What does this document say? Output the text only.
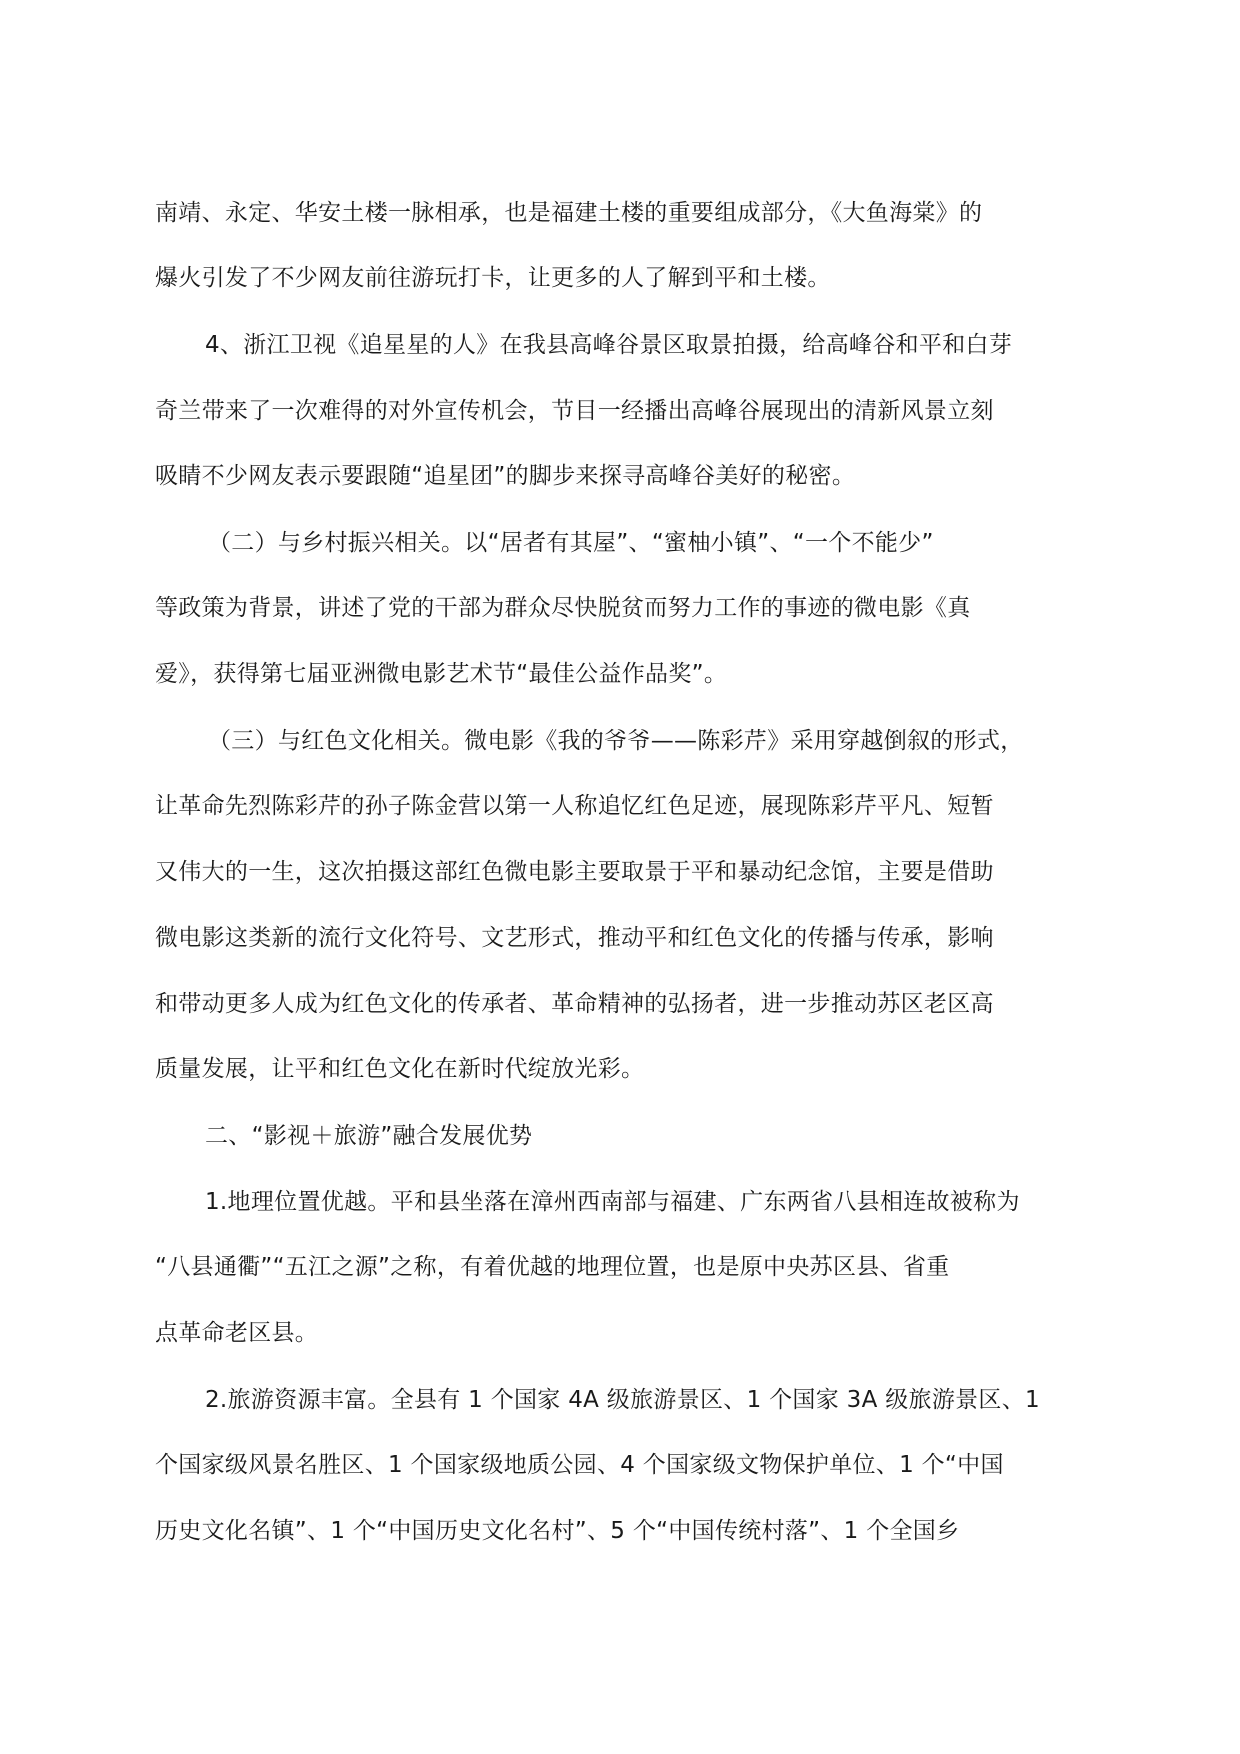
南靖、永定、华安土楼一脉相承，也是福建土楼的重要组成部分，《大鱼海棠》的
爆火引发了不少网友前往游玩打卡，让更多的人了解到平和土楼。
4、浙江卫视《追星星的人》在我县高峰谷景区取景拍摄，给高峰谷和平和白芽
奇兰带来了一次难得的对外宣传机会，节目一经播出高峰谷展现出的清新风景立刻
吸睛不少网友表示要跟随“追星团”的脚步来探寻高峰谷美好的秘密。
（二）与乡村振兴相关。以“居者有其屋”、“蜜柚小镇”、“一个不能少”
等政策为背景，讲述了党的干部为群众尽快脱贫而努力工作的事迹的微电影《真
爱》，获得第七届亚洲微电影艺术节“最佳公益作品奖”。
（三）与红色文化相关。微电影《我的爷爷——陈彩芹》采用穿越倒叙的形式，
让革命先烈陈彩芹的孙子陈金营以第一人称追忆红色足迹，展现陈彩芹平凡、短暂
又伟大的一生，这次拍摄这部红色微电影主要取景于平和暴动纪念馆，主要是借助
微电影这类新的流行文化符号、文艺形式，推动平和红色文化的传播与传承，影响
和带动更多人成为红色文化的传承者、革命精神的弘扬者，进一步推动苏区老区高
质量发展，让平和红色文化在新时代绽放光彩。
二、“影视＋旅游”融合发展优势
1.地理位置优越。平和县坐落在漳州西南部与福建、广东两省八县相连故被称为
“八县通衢”“五江之源”之称，有着优越的地理位置，也是原中央苏区县、省重
点革命老区县。
2.旅游资源丰富。全县有 1 个国家 4A 级旅游景区、1 个国家 3A 级旅游景区、1
个国家级风景名胜区、1 个国家级地质公园、4 个国家级文物保护单位、1 个“中国
历史文化名镇”、1 个“中国历史文化名村”、5 个“中国传统村落”、1 个全国乡
